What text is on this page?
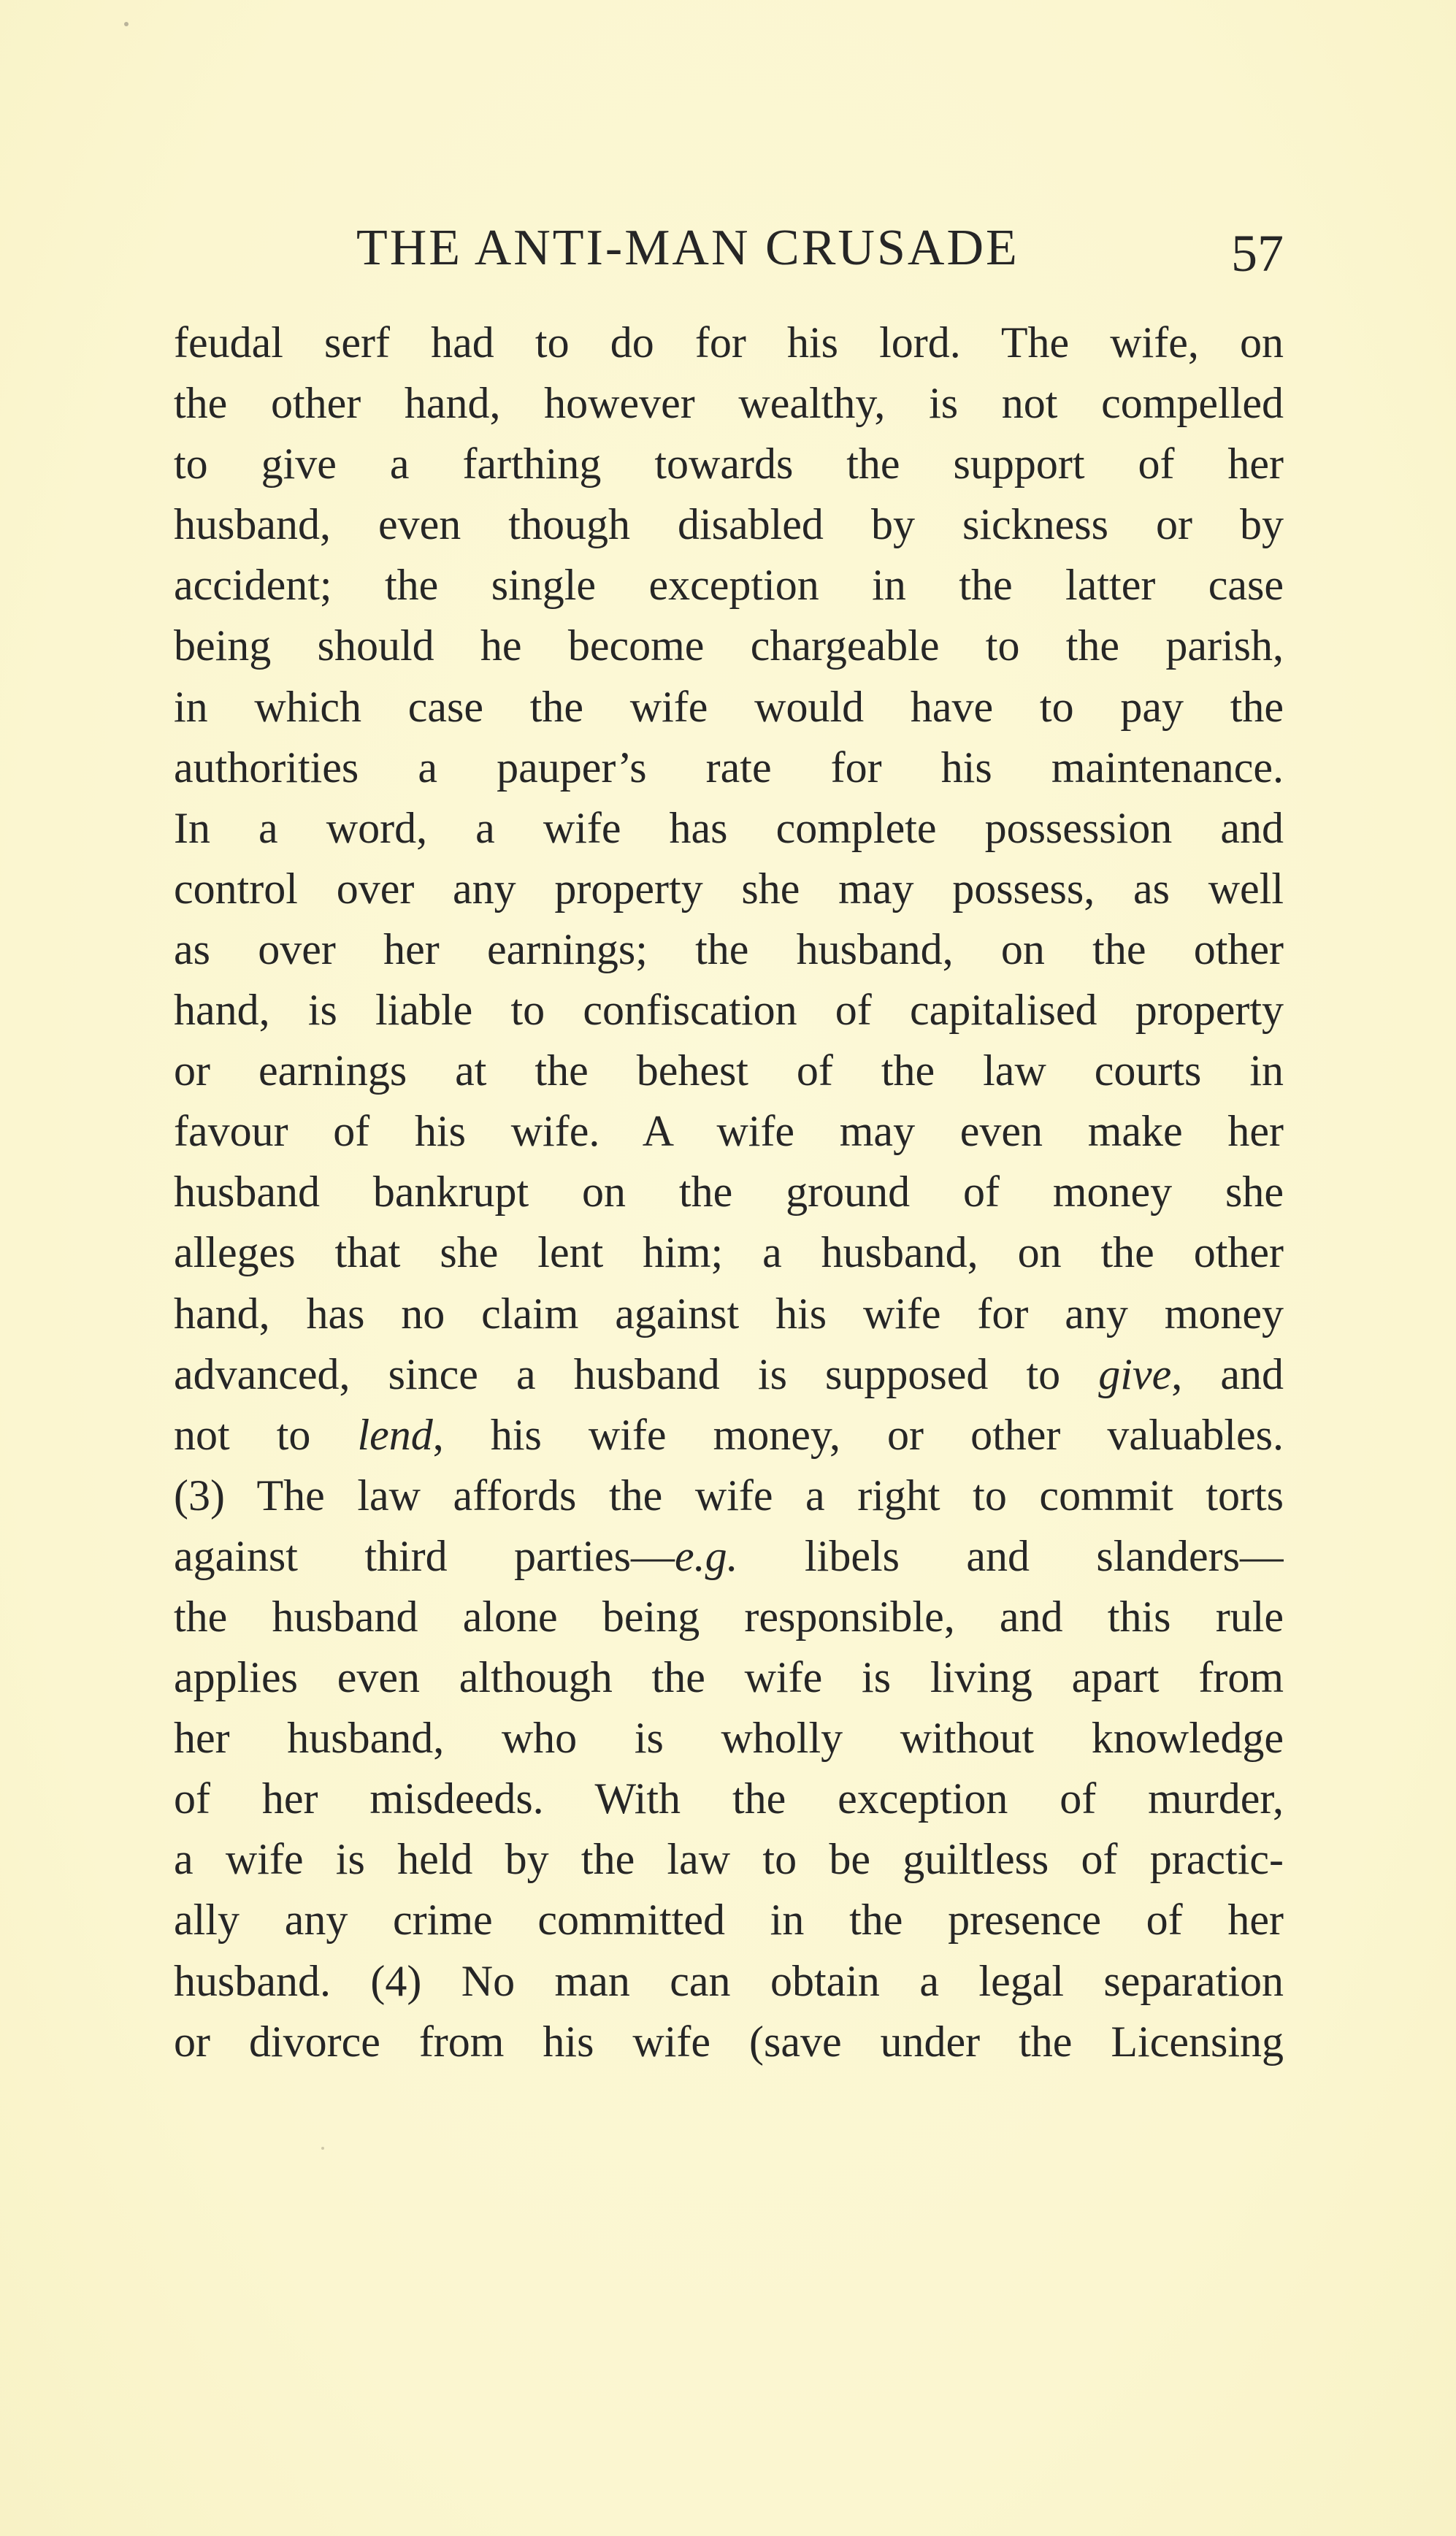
THE ANTI-MAN CRUSADE	57
feudal serf had to do for his lord. The wife, on
the other hand, however wealthy, is not compelled
to give a farthing towards the support of her
husband, even though disabled by sickness or by
accident; the single exception in the latter case
being should he become chargeable to the parish,
in which case the wife would have to pay the
authorities a pauper’s rate for his maintenance.
In a word, a wife has complete possession and
control over any property she may possess, as well
as over her earnings; the husband, on the other
hand, is liable to confiscation of capitalised property
or earnings at the behest of the law courts in
favour of his wife. A wife may even make her
husband bankrupt on the ground of money she
alleges that she lent him; a husband, on the other
hand, has no claim against his wife for any money
advanced, since a husband is supposed to give, and
not to lend, his wife money, or other valuables.
(3) The law affords the wife a right to commit torts
against third parties—e.g. libels and slanders—
the husband alone being responsible, and this rule
applies even although the wife is living apart from
her husband, who is wholly without knowledge
of her misdeeds. With the exception of murder,
a wife is held by the law to be guiltless of practic-
ally any crime committed in the presence of her
husband. (4) No man can obtain a legal separation
or divorce from his wife (save under the Licensing
